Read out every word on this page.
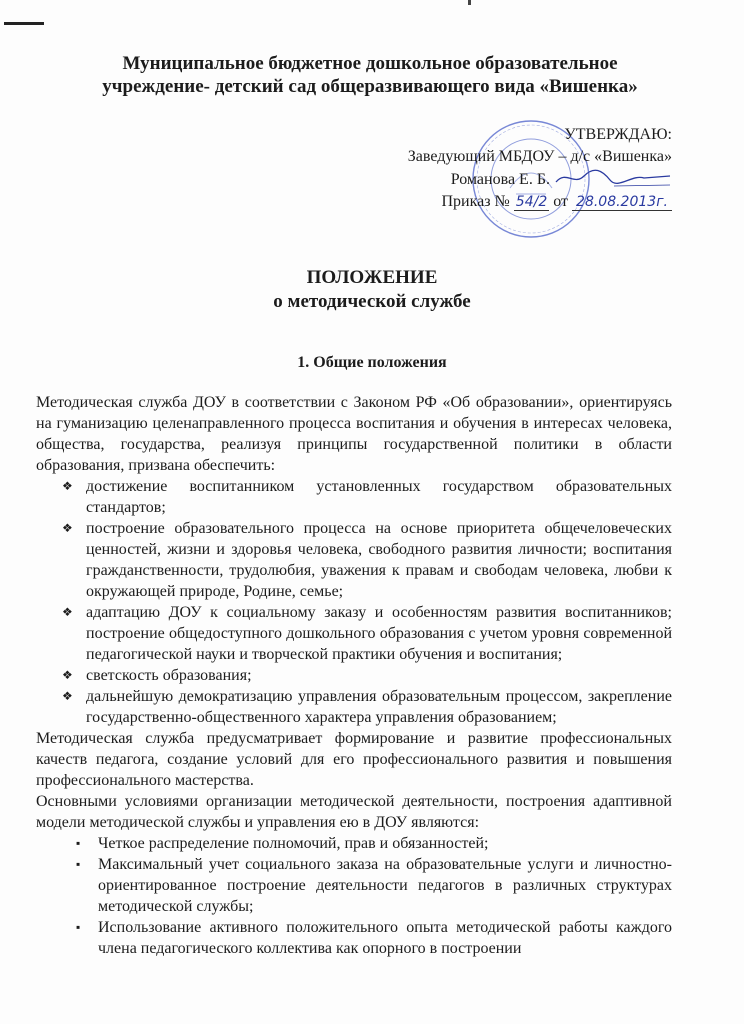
Муниципальное бюджетное дошкольное образовательное
учреждение- детский сад общеразвивающего вида «Вишенка»
УТВЕРЖДАЮ:
Заведующий МБДОУ – д/с «Вишенка»
Романова Е. Б.
Приказ № 54/2 от 28.08.2013г.
ПОЛОЖЕНИЕ
о методической службе
1. Общие положения

Методическая служба ДОУ в соответствии с Законом РФ «Об образовании», ориентируясь на гуманизацию целенаправленного процесса воспитания и обучения в интересах человека, общества, государства, реализуя принципы государственной политики в области образования, призвана обеспечить:

❖ достижение воспитанником установленных государством образовательных стандартов;
❖ построение образовательного процесса на основе приоритета общечеловеческих ценностей, жизни и здоровья человека, свободного развития личности; воспитания гражданственности, трудолюбия, уважения к правам и свободам человека, любви к окружающей природе, Родине, семье;
❖ адаптацию ДОУ к социальному заказу и особенностям развития воспитанников; построение общедоступного дошкольного образования с учетом уровня современной педагогической науки и творческой практики обучения и воспитания;
❖ светскость образования;
❖ дальнейшую демократизацию управления образовательным процессом, закрепление государственно-общественного характера управления образованием;

Методическая служба предусматривает формирование и развитие профессиональных качеств педагога, создание условий для его профессионального развития и повышения профессионального мастерства.

Основными условиями организации методической деятельности, построения адаптивной модели методической службы и управления ею в ДОУ являются:

▪ Четкое распределение полномочий, прав и обязанностей;
▪ Максимальный учет социального заказа на образовательные услуги и личностно-ориентированное построение деятельности педагогов в различных структурах методической службы;
▪ Использование активного положительного опыта методической работы каждого члена педагогического коллектива как опорного в построении
